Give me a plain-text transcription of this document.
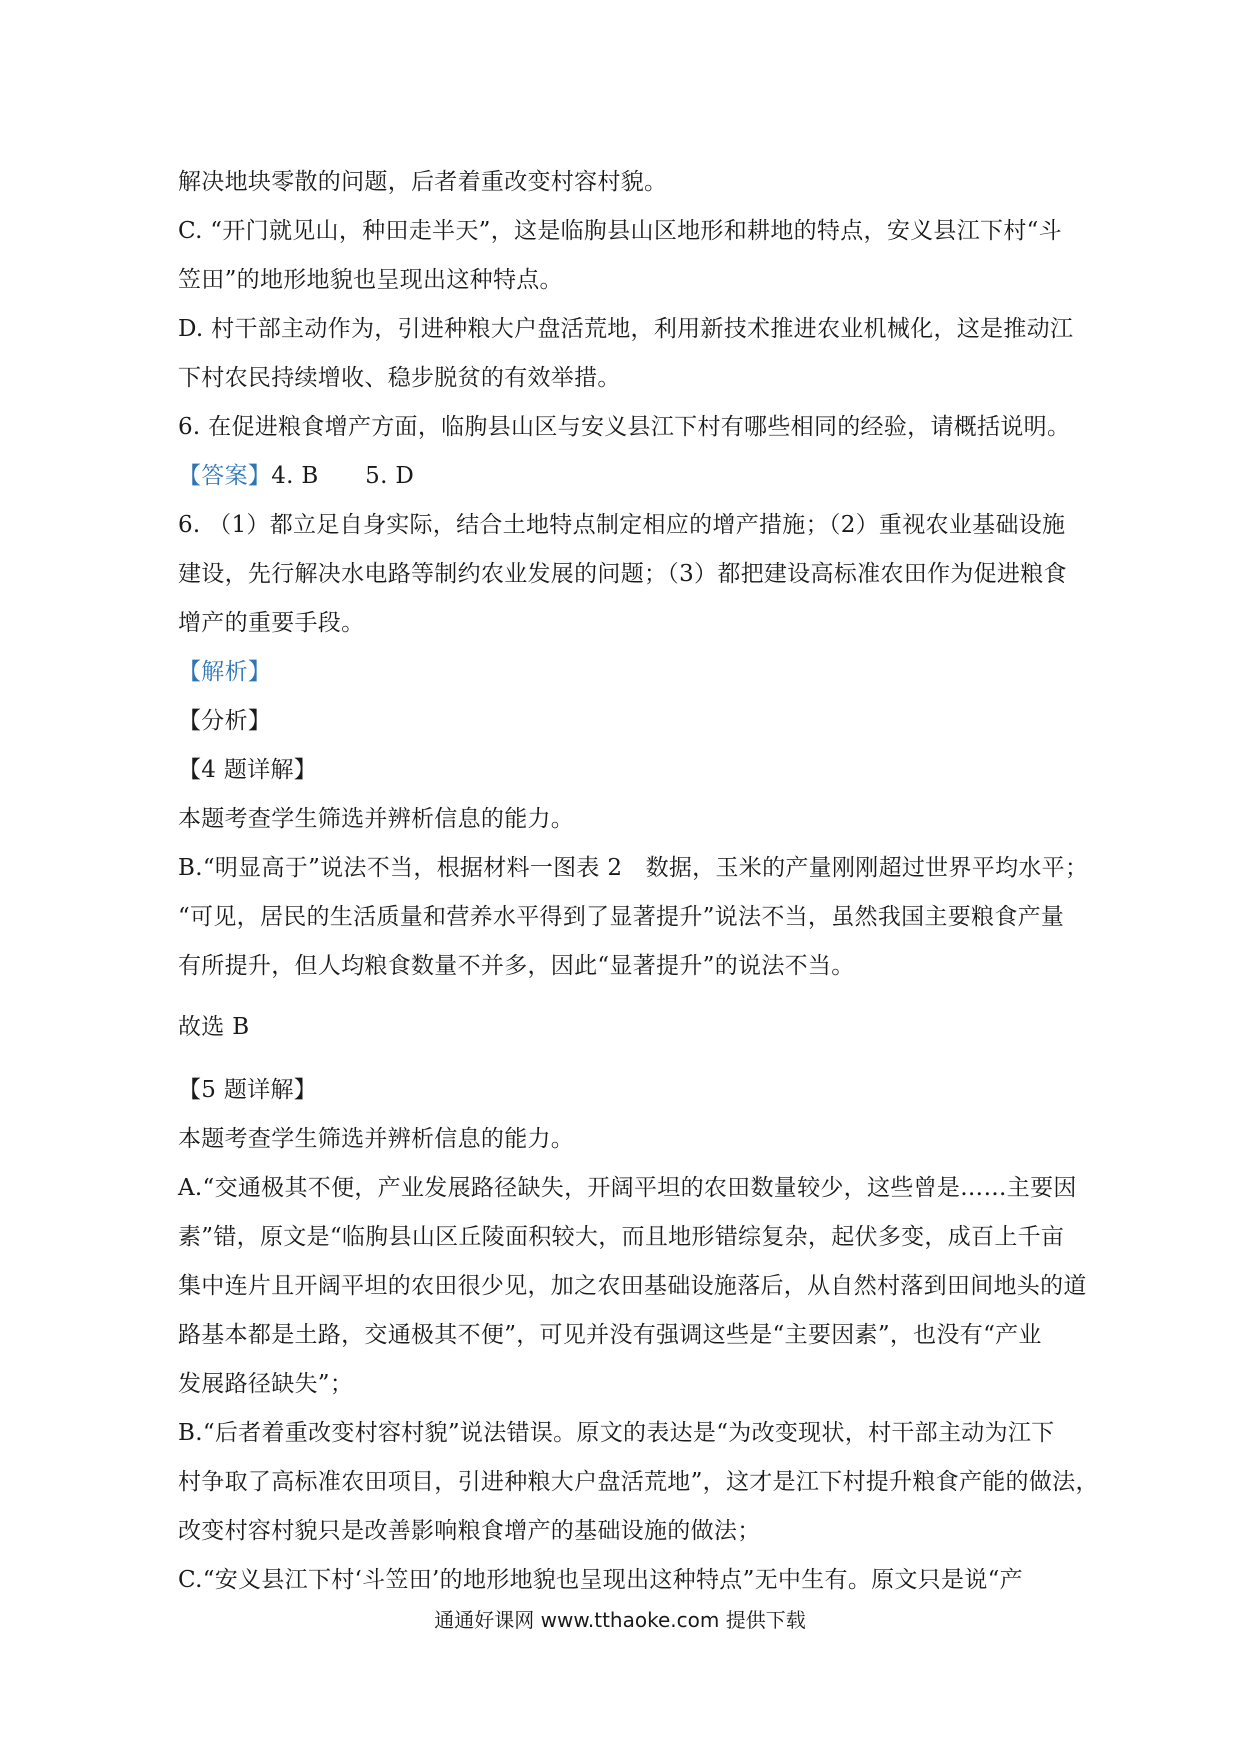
解决地块零散的问题，后者着重改变村容村貌。
C. “开门就见山，种田走半天”，这是临朐县山区地形和耕地的特点，安义县江下村“斗
笠田”的地形地貌也呈现出这种特点。
D. 村干部主动作为，引进种粮大户盘活荒地，利用新技术推进农业机械化，这是推动江
下村农民持续增收、稳步脱贫的有效举措。
6. 在促进粮食增产方面，临朐县山区与安义县江下村有哪些相同的经验，请概括说明。
【答案】4. B　　5. D
6. （1）都立足自身实际，结合土地特点制定相应的增产措施；（2）重视农业基础设施
建设，先行解决水电路等制约农业发展的问题；（3）都把建设高标准农田作为促进粮食
增产的重要手段。
【解析】
【分析】
【4 题详解】
本题考查学生筛选并辨析信息的能力。
B.“明显高于”说法不当，根据材料一图表 2　数据，玉米的产量刚刚超过世界平均水平；
“可见，居民的生活质量和营养水平得到了显著提升”说法不当，虽然我国主要粮食产量
有所提升，但人均粮食数量不并多，因此“显著提升”的说法不当。
故选 B
【5 题详解】
本题考查学生筛选并辨析信息的能力。
A.“交通极其不便，产业发展路径缺失，开阔平坦的农田数量较少，这些曾是……主要因
素”错，原文是“临朐县山区丘陵面积较大，而且地形错综复杂，起伏多变，成百上千亩
集中连片且开阔平坦的农田很少见，加之农田基础设施落后，从自然村落到田间地头的道
路基本都是土路，交通极其不便”，可见并没有强调这些是“主要因素”，也没有“产业
发展路径缺失”；
B.“后者着重改变村容村貌”说法错误。原文的表达是“为改变现状，村干部主动为江下
村争取了高标准农田项目，引进种粮大户盘活荒地”，这才是江下村提升粮食产能的做法，
改变村容村貌只是改善影响粮食增产的基础设施的做法；
C.“安义县江下村‘斗笠田’的地形地貌也呈现出这种特点”无中生有。原文只是说“产
通通好课网 www.tthaoke.com 提供下载
